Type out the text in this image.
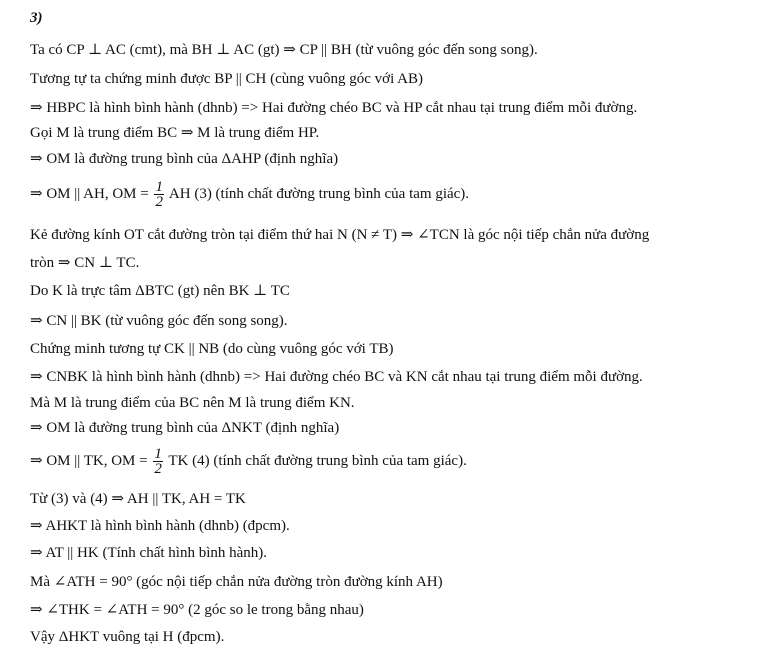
3)
Ta có CP ⊥ AC (cmt), mà BH ⊥ AC (gt) ⇒ CP || BH (từ vuông góc đến song song).
Tương tự ta chứng minh được BP || CH (cùng vuông góc với AB)
⇒ HBPC là hình bình hành (dhnb) => Hai đường chéo BC và HP cắt nhau tại trung điểm mỗi đường.
Gọi M là trung điểm BC ⇒ M là trung điểm HP.
⇒ OM là đường trung bình của ΔAHP (định nghĩa)
⇒ OM || AH, OM = $\frac{1}{2}$ AH (3) (tính chất đường trung bình của tam giác).
Kẻ đường kính OT cắt đường tròn tại điểm thứ hai N (N ≠ T) ⇒ ∠TCN là góc nội tiếp chắn nửa đường
tròn ⇒ CN ⊥ TC.
Do K là trực tâm ΔBTC (gt) nên BK ⊥ TC
⇒ CN || BK (từ vuông góc đến song song).
Chứng minh tương tự CK || NB (do cùng vuông góc với TB)
⇒ CNBK là hình bình hành (dhnb) => Hai đường chéo BC và KN cắt nhau tại trung điểm mỗi đường.
Mà M là trung điểm của BC nên M là trung điểm KN.
⇒ OM là đường trung bình của ΔNKT (định nghĩa)
⇒ OM || TK, OM = $\frac{1}{2}$ TK (4) (tính chất đường trung bình của tam giác).
Từ (3) và (4) ⇒ AH || TK, AH = TK
⇒ AHKT là hình bình hành (dhnb) (đpcm).
⇒ AT || HK (Tính chất hình bình hành).
Mà ∠ATH = 90° (góc nội tiếp chắn nửa đường tròn đường kính AH)
⇒ ∠THK = ∠ATH = 90° (2 góc so le trong bằng nhau)
Vậy ΔHKT vuông tại H (đpcm).
